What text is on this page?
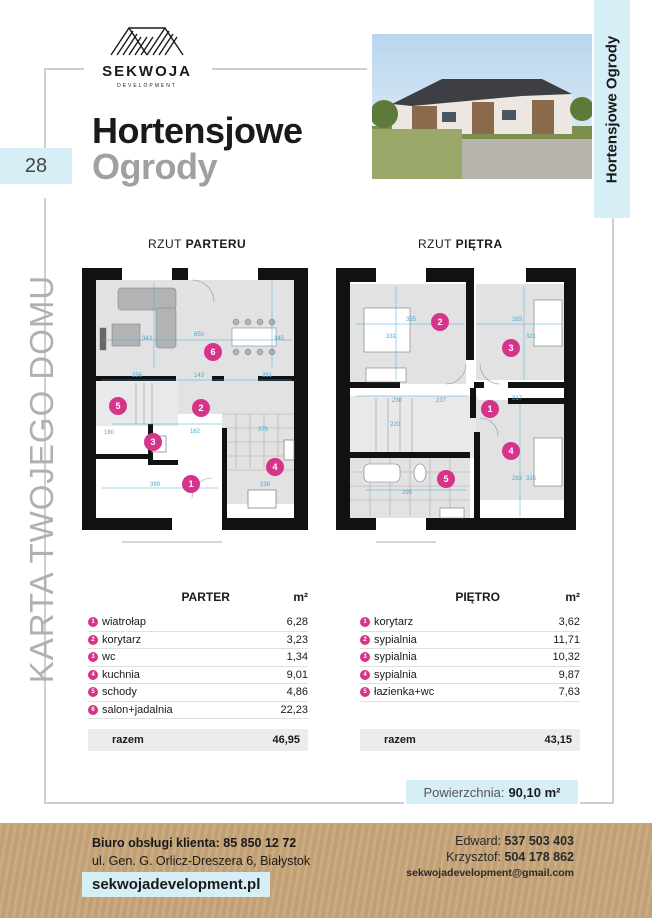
SEKWOJA
DEVELOPMENT
Hortensjowe
Ogrody
28	Hortensjowe Ogrody
KARTA TWOJEGO DOMU
RZUT PARTERU	RZUT PIĘTRA
650
143
256	251
162
399
343	345
238
375
160
1
2
3
4
5
6
355	283
331	321
237
230
220
317
283 315
295
1
2
3
4
5
PARTER	m²
1 wiatrołap	6,28
2 korytarz	3,23
3 wc	1,34
4 kuchnia	9,01
5 schody	4,86
6 salon+jadalnia	22,23
razem	46,95
PIĘTRO	m²
1 korytarz	3,62
2 sypialnia	11,71
3 sypialnia	10,32
4 sypialnia	9,87
5 łazienka+wc	7,63
razem	43,15
Powierzchnia: 90,10 m²
Biuro obsługi klienta: 85 850 12 72
ul. Gen. G. Orlicz-Dreszera 6, Białystok
Edward: 537 503 403
Krzysztof: 504 178 862
sekwojadevelopment@gmail.com
sekwojadevelopment.pl
